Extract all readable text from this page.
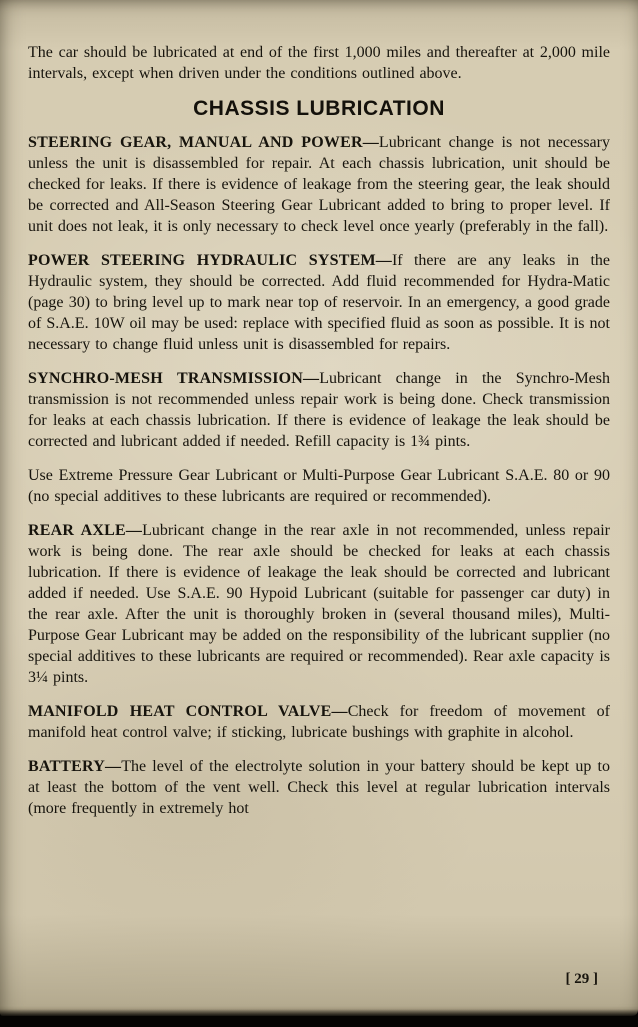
The car should be lubricated at end of the first 1,000 miles and thereafter at 2,000 mile intervals, except when driven under the conditions outlined above.

CHASSIS LUBRICATION

STEERING GEAR, MANUAL AND POWER—Lubricant change is not necessary unless the unit is disassembled for repair. At each chassis lubrication, unit should be checked for leaks. If there is evidence of leakage from the steering gear, the leak should be corrected and All-Season Steering Gear Lubricant added to bring to proper level. If unit does not leak, it is only necessary to check level once yearly (preferably in the fall).

POWER STEERING HYDRAULIC SYSTEM—If there are any leaks in the Hydraulic system, they should be corrected. Add fluid recommended for Hydra-Matic (page 30) to bring level up to mark near top of reservoir. In an emergency, a good grade of S.A.E. 10W oil may be used: replace with specified fluid as soon as possible. It is not necessary to change fluid unless unit is disassembled for repairs.

SYNCHRO-MESH TRANSMISSION—Lubricant change in the Synchro-Mesh transmission is not recommended unless repair work is being done. Check transmission for leaks at each chassis lubrication. If there is evidence of leakage the leak should be corrected and lubricant added if needed. Refill capacity is 1¾ pints.

Use Extreme Pressure Gear Lubricant or Multi-Purpose Gear Lubricant S.A.E. 80 or 90 (no special additives to these lubricants are required or recommended).

REAR AXLE—Lubricant change in the rear axle in not recommended, unless repair work is being done. The rear axle should be checked for leaks at each chassis lubrication. If there is evidence of leakage the leak should be corrected and lubricant added if needed. Use S.A.E. 90 Hypoid Lubricant (suitable for passenger car duty) in the rear axle. After the unit is thoroughly broken in (several thousand miles), Multi-Purpose Gear Lubricant may be added on the responsibility of the lubricant supplier (no special additives to these lubricants are required or recommended). Rear axle capacity is 3¼ pints.

MANIFOLD HEAT CONTROL VALVE—Check for freedom of movement of manifold heat control valve; if sticking, lubricate bushings with graphite in alcohol.

BATTERY—The level of the electrolyte solution in your battery should be kept up to at least the bottom of the vent well. Check this level at regular lubrication intervals (more frequently in extremely hot

[ 29 ]
